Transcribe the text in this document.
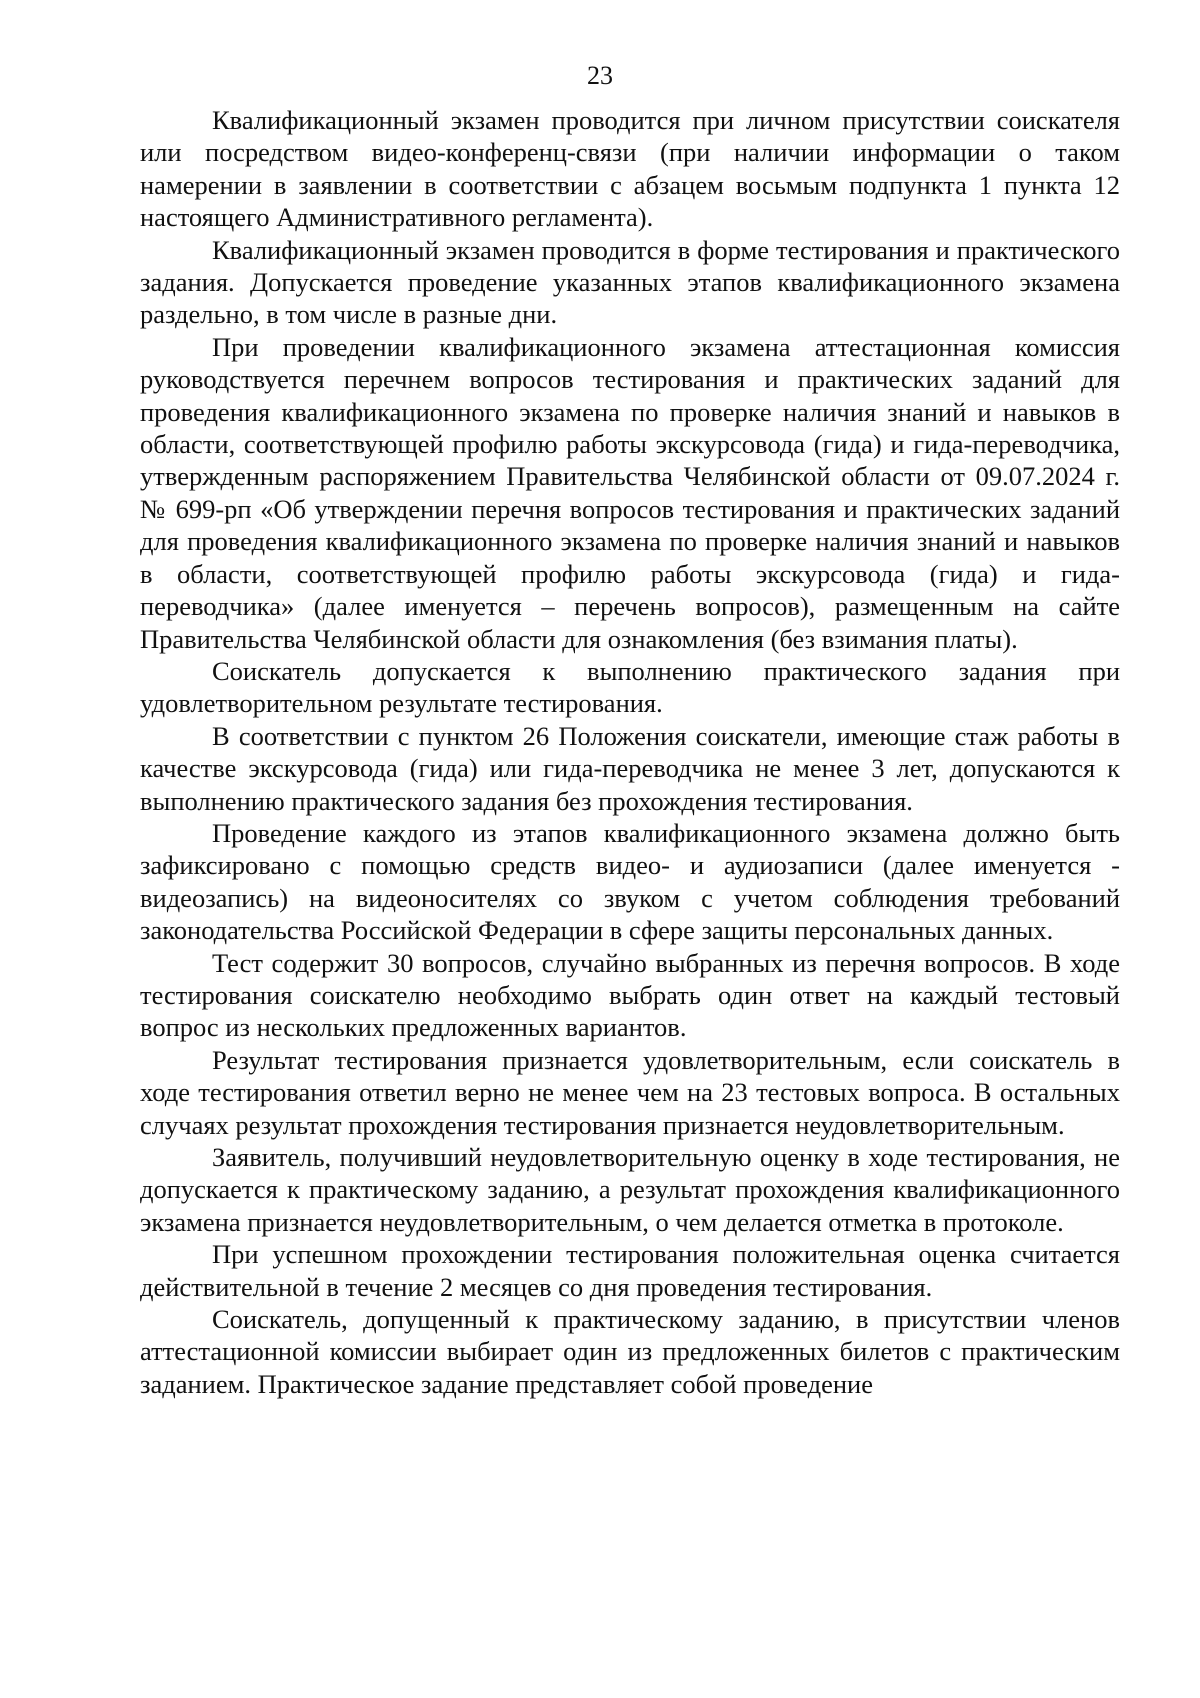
23

Квалификационный экзамен проводится при личном присутствии соискателя или посредством видео-конференц-связи (при наличии информации о таком намерении в заявлении в соответствии с абзацем восьмым подпункта 1 пункта 12 настоящего Административного регламента).

Квалификационный экзамен проводится в форме тестирования и практического задания. Допускается проведение указанных этапов квалификационного экзамена раздельно, в том числе в разные дни.

При проведении квалификационного экзамена аттестационная комиссия руководствуется перечнем вопросов тестирования и практических заданий для проведения квалификационного экзамена по проверке наличия знаний и навыков в области, соответствующей профилю работы экскурсовода (гида) и гида-переводчика, утвержденным распоряжением Правительства Челябинской области от 09.07.2024 г. № 699-рп «Об утверждении перечня вопросов тестирования и практических заданий для проведения квалификационного экзамена по проверке наличия знаний и навыков в области, соответствующей профилю работы экскурсовода (гида) и гида-переводчика» (далее именуется – перечень вопросов), размещенным на сайте Правительства Челябинской области для ознакомления (без взимания платы).

Соискатель допускается к выполнению практического задания при удовлетворительном результате тестирования.

В соответствии с пунктом 26 Положения соискатели, имеющие стаж работы в качестве экскурсовода (гида) или гида-переводчика не менее 3 лет, допускаются к выполнению практического задания без прохождения тестирования.

Проведение каждого из этапов квалификационного экзамена должно быть зафиксировано с помощью средств видео- и аудиозаписи (далее именуется - видеозапись) на видеоносителях со звуком с учетом соблюдения требований законодательства Российской Федерации в сфере защиты персональных данных.

Тест содержит 30 вопросов, случайно выбранных из перечня вопросов. В ходе тестирования соискателю необходимо выбрать один ответ на каждый тестовый вопрос из нескольких предложенных вариантов.

Результат тестирования признается удовлетворительным, если соискатель в ходе тестирования ответил верно не менее чем на 23 тестовых вопроса. В остальных случаях результат прохождения тестирования признается неудовлетворительным.

Заявитель, получивший неудовлетворительную оценку в ходе тестирования, не допускается к практическому заданию, а результат прохождения квалификационного экзамена признается неудовлетворительным, о чем делается отметка в протоколе.

При успешном прохождении тестирования положительная оценка считается действительной в течение 2 месяцев со дня проведения тестирования.

Соискатель, допущенный к практическому заданию, в присутствии членов аттестационной комиссии выбирает один из предложенных билетов с практическим заданием. Практическое задание представляет собой проведение
